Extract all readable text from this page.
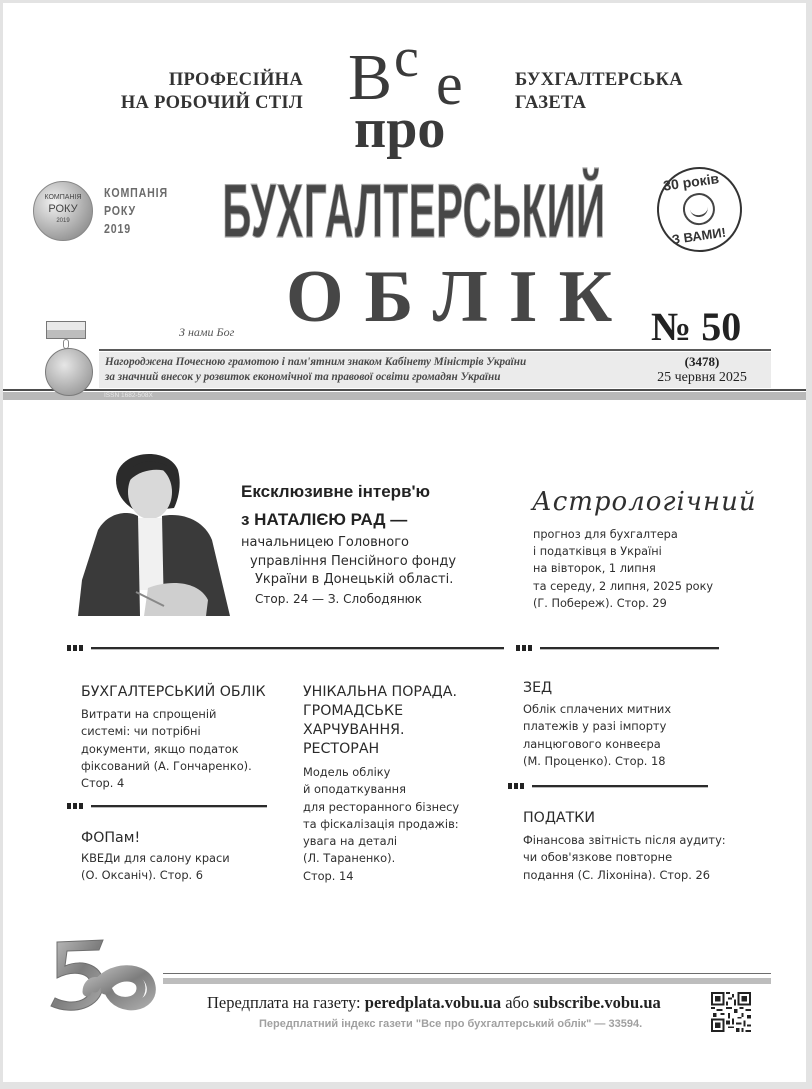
ПРОФЕСІЙНА
НА РОБОЧИЙ СТІЛ
БУХГАЛТЕРСЬКА
ГАЗЕТА
В с е
про
КОМПАНІЯ
РОКУ
2019
КОМПАНІЯ
РОКУ
2019	БУХГАЛТЕРСЬКИЙ
ОБЛІК
30 років
З ВАМИ!
З нами Бог	№ 50
Нагороджена Почесною грамотою і пам'ятним знаком Кабінету Міністрів України
за значний внесок у розвиток економічної та правової освіти громадян України
(3478)
25 червня 2025
ISSN 1682-508X
Ексклюзивне інтерв'ю
з НАТАЛІЄЮ РАД —
начальницею Головного
управління Пенсійного фонду
України в Донецькій області.
Стор. 24 — З. Слободянюк
Астрологічний
прогноз для бухгалтера
і податківця в Україні
на вівторок, 1 липня
та середу, 2 липня, 2025 року
(Г. Побереж). Стор. 29
БУХГАЛТЕРСЬКИЙ ОБЛІК
Витрати на спрощеній
системі: чи потрібні
документи, якщо податок
фіксований (А. Гончаренко).
Стор. 4
ФОПам!
КВЕДи для салону краси
(О. Оксаніч). Стор. 6
УНІКАЛЬНА ПОРАДА.
ГРОМАДСЬКЕ
ХАРЧУВАННЯ.
РЕСТОРАН
Модель обліку
й оподаткування
для ресторанного бізнесу
та фіскалізація продажів:
увага на деталі
(Л. Тараненко).
Стор. 14
ЗЕД
Облік сплачених митних
платежів у разі імпорту
ланцюгового конвеєра
(М. Проценко). Стор. 18
ПОДАТКИ
Фінансова звітність після аудиту:
чи обов'язкове повторне
подання (С. Ліхоніна). Стор. 26
Передплата на газету: peredplata.vobu.ua або subscribe.vobu.ua
Передплатний індекс газети "Все про бухгалтерський облік" — 33594.
